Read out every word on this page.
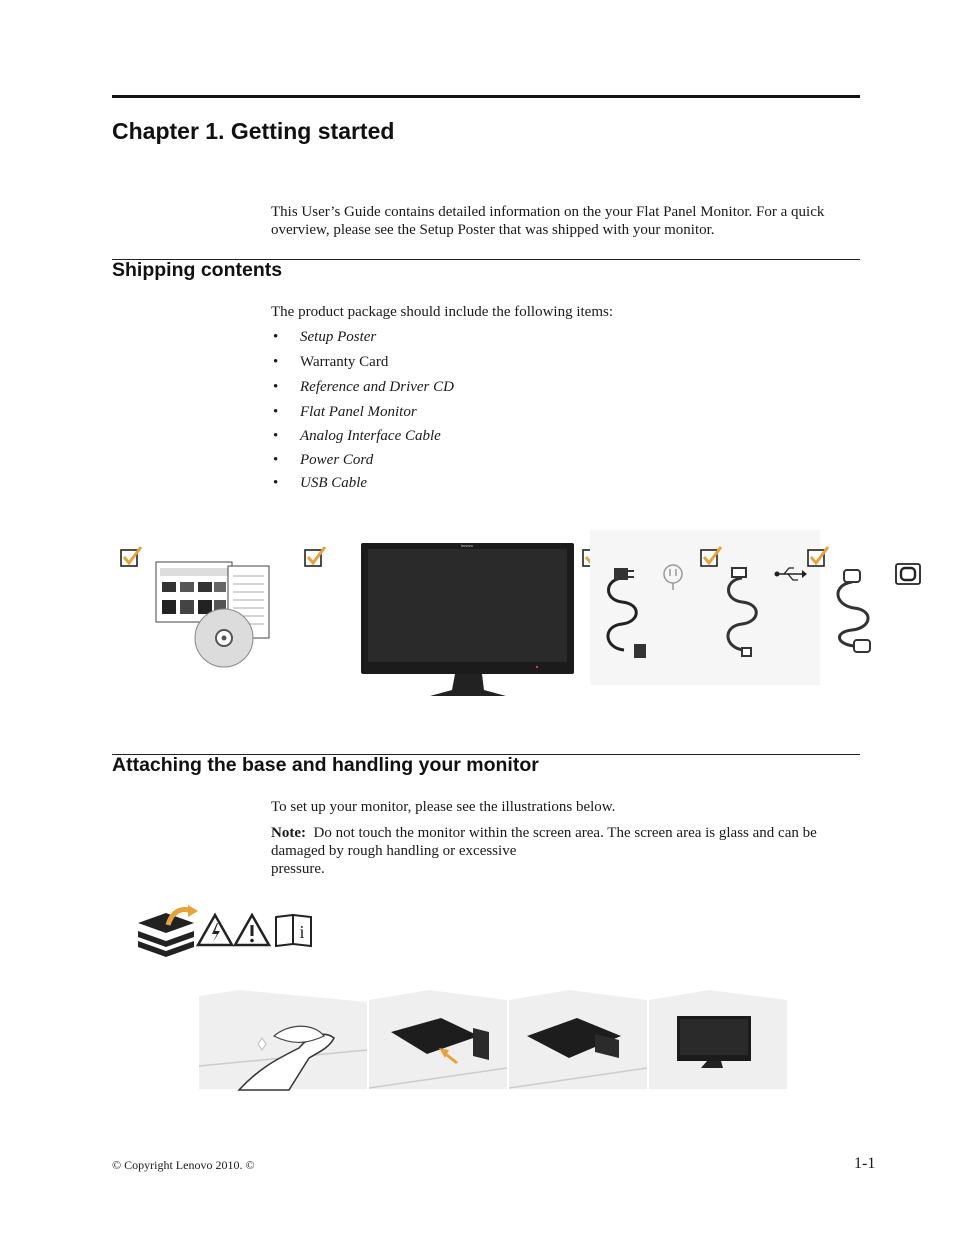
Chapter 1. Getting started
This User’s Guide contains detailed information on the your Flat Panel Monitor. For a quick overview, please see the Setup Poster that was shipped with your monitor.
Shipping contents
The product package should include the following items:
• Setup Poster
• Warranty Card
• Reference and Driver CD
• Flat Panel Monitor
• Analog Interface Cable
• Power Cord
• USB Cable
lenovo
Attaching the base and handling your monitor
To set up your monitor, please see the illustrations below.
Note: Do not touch the monitor within the screen area. The screen area is glass and can be damaged by rough handling or excessive
pressure.
i
© Copyright Lenovo 2010. ©	1-1
